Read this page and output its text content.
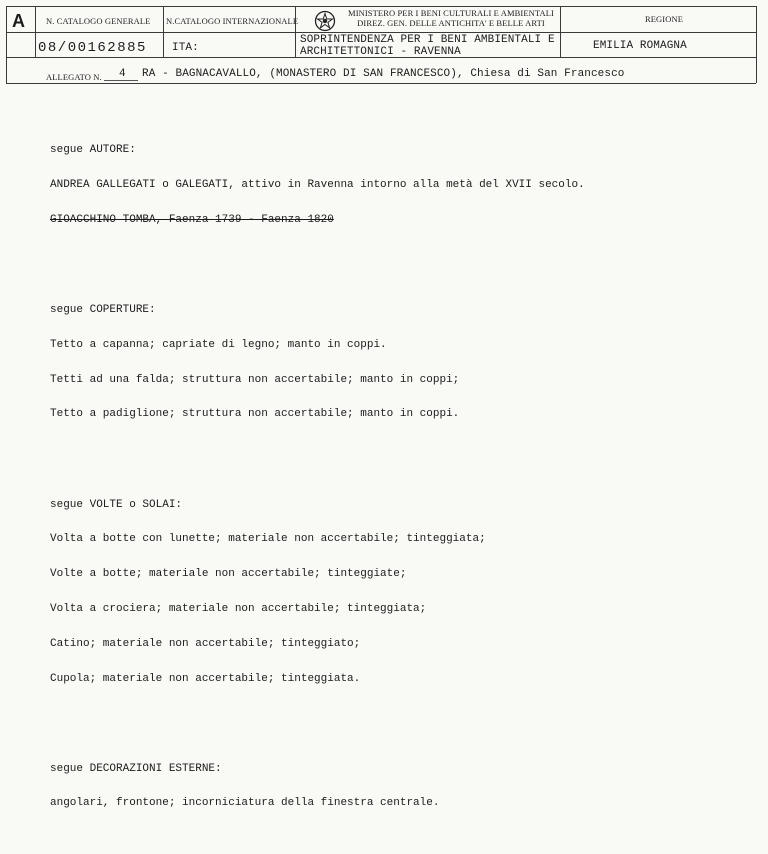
A N. CATALOGO GENERALE N.CATALOGO INTERNAZIONALE
MINISTERO PER I BENI CULTURALI E AMBIENTALI
DIREZ. GEN. DELLE ANTICHITA' E BELLE ARTI	REGIONE
08/00162885 ITA:
SOPRINTENDENZA PER I BENI AMBIENTALI E
ARCHITETTONICI - RAVENNA	EMILIA ROMAGNA
ALLEGATO N. 4 RA - BAGNACAVALLO, (MONASTERO DI SAN FRANCESCO), Chiesa di San Francesco

segue AUTORE:

ANDREA GALLEGATI o GALEGATI, attivo in Ravenna intorno alla metà del XVII secolo.

GIOACCHINO TOMBA, Faenza 1739 - Faenza 1820

segue COPERTURE:

Tetto a capanna; capriate di legno; manto in coppi.

Tetti ad una falda; struttura non accertabile; manto in coppi;

Tetto a padiglione; struttura non accertabile; manto in coppi.

segue VOLTE o SOLAI:

Volta a botte con lunette; materiale non accertabile; tinteggiata;

Volte a botte; materiale non accertabile; tinteggiate;

Volta a crociera; materiale non accertabile; tinteggiata;

Catino; materiale non accertabile; tinteggiato;

Cupola; materiale non accertabile; tinteggiata.

segue DECORAZIONI ESTERNE:

angolari, frontone; incorniciatura della finestra centrale.
